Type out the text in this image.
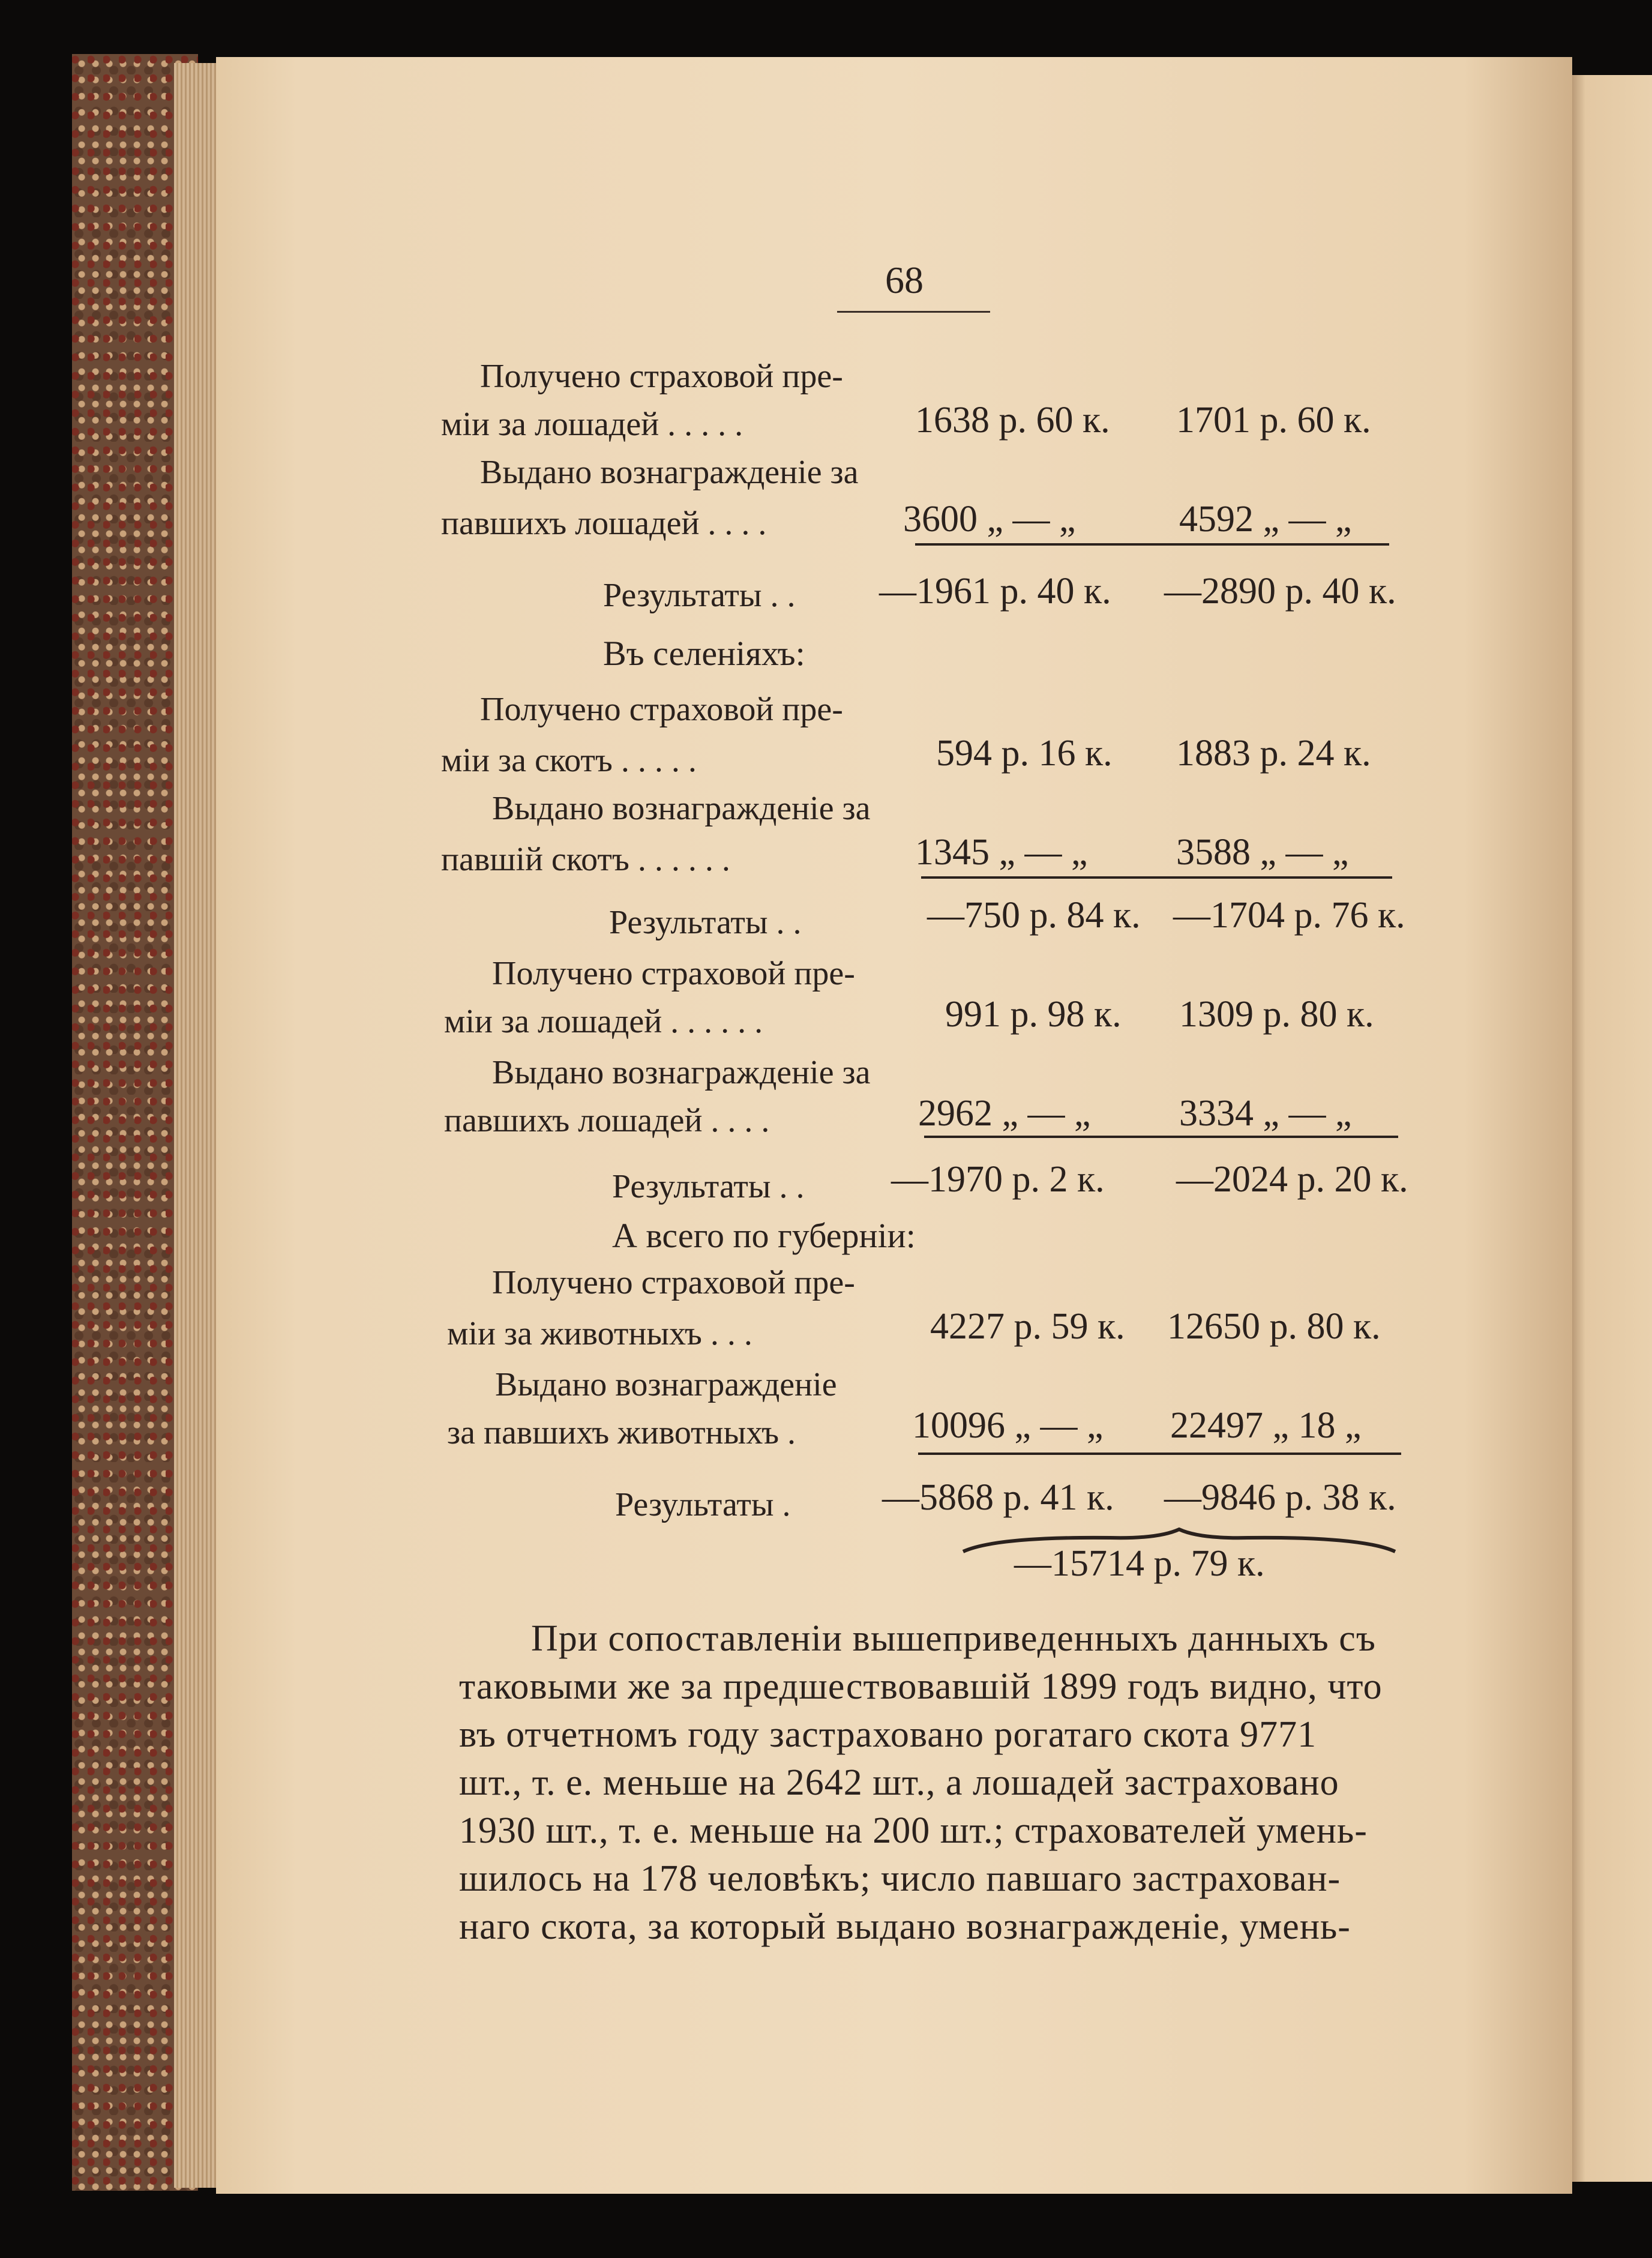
68
Получено страховой пре-
міи за лошадей . . . . .	1638 р. 60 к. 1701 р. 60 к.
Выдано вознагражденіе за
павшихъ лошадей . . . .	3600 „ — „	4592 „ — „
Результаты . . —1961 р. 40 к. —2890 р. 40 к.
Въ селеніяхъ:
Получено страховой пре-
міи за скотъ . . . . .	594 р. 16 к. 1883 р. 24 к.
Выдано вознагражденіе за
павшій скотъ . . . . . .	1345 „ — „ 3588 „ — „
Результаты . .	—750 р. 84 к. —1704 р. 76 к.
Получено страховой пре-
міи за лошадей . . . . . .	991 р. 98 к. 1309 р. 80 к.
Выдано вознагражденіе за
павшихъ лошадей . . . .	2962 „ — „ 3334 „ — „
Результаты . . —1970 р. 2 к. —2024 р. 20 к.
А всего по губерніи:
Получено страховой пре-
міи за животныхъ . . .	4227 р. 59 к. 12650 р. 80 к.
Выдано вознагражденіе
за павшихъ животныхъ .	10096 „ — „ 22497 „ 18 „
Результаты . —5868 р. 41 к. —9846 р. 38 к.
—15714 р. 79 к.
При сопоставленіи вышеприведенныхъ данныхъ съ
таковыми же за предшествовавшій 1899 годъ видно, что
въ отчетномъ году застраховано рогатаго скота 9771
шт., т. е. меньше на 2642 шт., а лошадей застраховано
1930 шт., т. е. меньше на 200 шт.; страхователей умень-
шилось на 178 человѣкъ; число павшаго застрахован-
наго скота, за который выдано вознагражденіе, умень-
